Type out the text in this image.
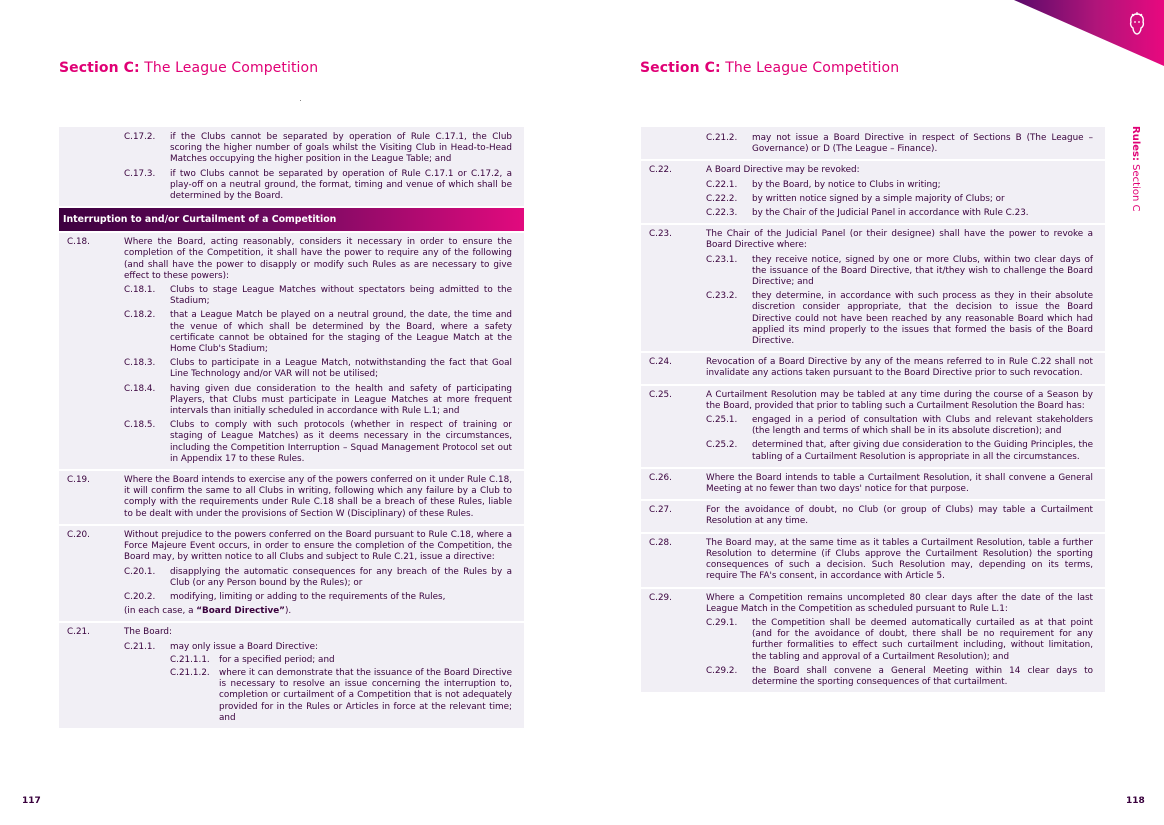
Section C: The League Competition	Section C: The League Competition
Rules: Section C
C.17.2.	if the Clubs cannot be separated by operation of Rule C.17.1, the Club scoring the higher number of goals whilst the Visiting Club in Head-to-Head Matches occupying the higher position in the League Table; and
C.17.3.	if two Clubs cannot be separated by operation of Rule C.17.1 or C.17.2, a play-off on a neutral ground, the format, timing and venue of which shall be determined by the Board.
Interruption to and/or Curtailment of a Competition
C.18.	Where the Board, acting reasonably, considers it necessary in order to ensure the completion of the Competition, it shall have the power to require any of the following (and shall have the power to disapply or modify such Rules as are necessary to give effect to these powers):
C.18.1.	Clubs to stage League Matches without spectators being admitted to the Stadium;
C.18.2.	that a League Match be played on a neutral ground, the date, the time and the venue of which shall be determined by the Board, where a safety certificate cannot be obtained for the staging of the League Match at the Home Club's Stadium;
C.18.3.	Clubs to participate in a League Match, notwithstanding the fact that Goal Line Technology and/or VAR will not be utilised;
C.18.4.	having given due consideration to the health and safety of participating Players, that Clubs must participate in League Matches at more frequent intervals than initially scheduled in accordance with Rule L.1; and
C.18.5.	Clubs to comply with such protocols (whether in respect of training or staging of League Matches) as it deems necessary in the circumstances, including the Competition Interruption – Squad Management Protocol set out in Appendix 17 to these Rules.
C.19.	Where the Board intends to exercise any of the powers conferred on it under Rule C.18, it will confirm the same to all Clubs in writing, following which any failure by a Club to comply with the requirements under Rule C.18 shall be a breach of these Rules, liable to be dealt with under the provisions of Section W (Disciplinary) of these Rules.
C.20.	Without prejudice to the powers conferred on the Board pursuant to Rule C.18, where a Force Majeure Event occurs, in order to ensure the completion of the Competition, the Board may, by written notice to all Clubs and subject to Rule C.21, issue a directive:
C.20.1.	disapplying the automatic consequences for any breach of the Rules by a Club (or any Person bound by the Rules); or
C.20.2.	modifying, limiting or adding to the requirements of the Rules,
(in each case, a “Board Directive”).
C.21.	The Board:
C.21.1.	may only issue a Board Directive:
C.21.1.1.	for a specified period; and
C.21.1.2.	where it can demonstrate that the issuance of the Board Directive is necessary to resolve an issue concerning the interruption to, completion or curtailment of a Competition that is not adequately provided for in the Rules or Articles in force at the relevant time; and
C.21.2.	may not issue a Board Directive in respect of Sections B (The League – Governance) or D (The League – Finance).
C.22.	A Board Directive may be revoked:
C.22.1.	by the Board, by notice to Clubs in writing;
C.22.2.	by written notice signed by a simple majority of Clubs; or
C.22.3.	by the Chair of the Judicial Panel in accordance with Rule C.23.
C.23.	The Chair of the Judicial Panel (or their designee) shall have the power to revoke a Board Directive where:
C.23.1.	they receive notice, signed by one or more Clubs, within two clear days of the issuance of the Board Directive, that it/they wish to challenge the Board Directive; and
C.23.2.	they determine, in accordance with such process as they in their absolute discretion consider appropriate, that the decision to issue the Board Directive could not have been reached by any reasonable Board which had applied its mind properly to the issues that formed the basis of the Board Directive.
C.24.	Revocation of a Board Directive by any of the means referred to in Rule C.22 shall not invalidate any actions taken pursuant to the Board Directive prior to such revocation.
C.25.	A Curtailment Resolution may be tabled at any time during the course of a Season by the Board, provided that prior to tabling such a Curtailment Resolution the Board has:
C.25.1.	engaged in a period of consultation with Clubs and relevant stakeholders (the length and terms of which shall be in its absolute discretion); and
C.25.2.	determined that, after giving due consideration to the Guiding Principles, the tabling of a Curtailment Resolution is appropriate in all the circumstances.
C.26.	Where the Board intends to table a Curtailment Resolution, it shall convene a General Meeting at no fewer than two days' notice for that purpose.
C.27.	For the avoidance of doubt, no Club (or group of Clubs) may table a Curtailment Resolution at any time.
C.28.	The Board may, at the same time as it tables a Curtailment Resolution, table a further Resolution to determine (if Clubs approve the Curtailment Resolution) the sporting consequences of such a decision. Such Resolution may, depending on its terms, require The FA's consent, in accordance with Article 5.
C.29.	Where a Competition remains uncompleted 80 clear days after the date of the last League Match in the Competition as scheduled pursuant to Rule L.1:
C.29.1.	the Competition shall be deemed automatically curtailed as at that point (and for the avoidance of doubt, there shall be no requirement for any further formalities to effect such curtailment including, without limitation, the tabling and approval of a Curtailment Resolution); and
C.29.2.	the Board shall convene a General Meeting within 14 clear days to determine the sporting consequences of that curtailment.
117	118
